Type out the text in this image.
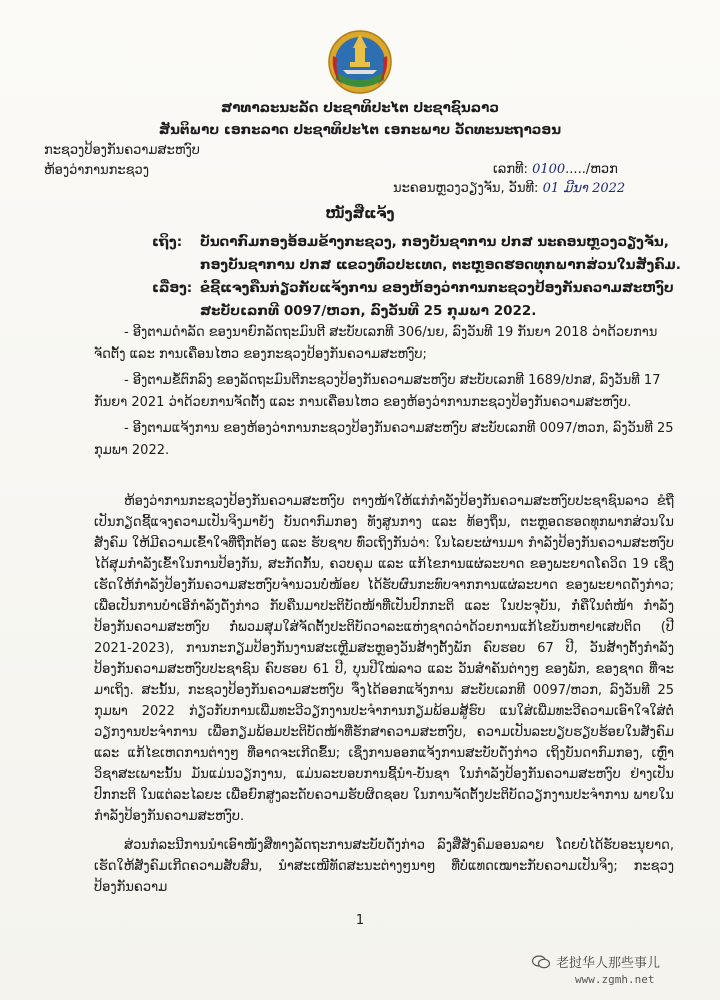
ສາທາລະນະລັດ ປະຊາທິປະໄຕ ປະຊາຊົນລາວ
ສັນຕິພາບ ເອກະລາດ ປະຊາທິປະໄຕ ເອກະພາບ ວັດທະນະຖາວອນ
ກະຊວງປ້ອງກັນຄວາມສະຫງົບ
ຫ້ອງວ່າການກະຊວງ	ເລກທີ: 0100...../ຫວກ
ນະຄອນຫຼວງວຽງຈັນ, ວັນທີ: 01 ມີນາ 2022
ໜັງສືແຈ້ງ
ເຖິງ:	ບັນດາກົມກອງອ້ອມຂ້າງກະຊວງ, ກອງບັນຊາການ ປກສ ນະຄອນຫຼວງວຽງຈັນ,
ກອງບັນຊາການ ປກສ ແຂວງທົ່ວປະເທດ, ຕະຫຼອດຮອດທຸກພາກສ່ວນໃນສັງຄົມ.
ເລື່ອງ: ຂໍຊີ້ແຈງຄືນກ່ຽວກັບແຈ້ງການ ຂອງຫ້ອງວ່າການກະຊວງປ້ອງກັນຄວາມສະຫງົບ
ສະບັບເລກທີ 0097/ຫວກ, ລົງວັນທີ 25 ກຸມພາ 2022.

- ອີງຕາມດຳລັດ ຂອງນາຍົກລັດຖະມົນຕີ ສະບັບເລກທີ 306/ນຍ, ລົງວັນທີ 19 ກັນຍາ 2018 ວ່າດ້ວຍການຈັດຕັ້ງ ແລະ ການເຄື່ອນໄຫວ ຂອງກະຊວງປ້ອງກັນຄວາມສະຫງົບ;

- ອີງຕາມຂໍ້ຕົກລົງ ຂອງລັດຖະມົນຕີກະຊວງປ້ອງກັນຄວາມສະຫງົບ ສະບັບເລກທີ 1689/ປກສ, ລົງວັນທີ 17 ກັນຍາ 2021 ວ່າດ້ວຍການຈັດຕັ້ງ ແລະ ການເຄື່ອນໄຫວ ຂອງຫ້ອງວ່າການກະຊວງປ້ອງກັນຄວາມສະຫງົບ.

- ອີງຕາມແຈ້ງການ ຂອງຫ້ອງວ່າການກະຊວງປ້ອງກັນຄວາມສະຫງົບ ສະບັບເລກທີ 0097/ຫວກ, ລົງວັນທີ 25 ກຸມພາ 2022.

ຫ້ອງວ່າການກະຊວງປ້ອງກັນຄວາມສະຫງົບ ຕາງໜ້າໃຫ້ແກ່ກຳລັງປ້ອງກັນຄວາມສະຫງົບປະຊາຊົນລາວ ຂໍຖືເປັນກຽດຊີ້ແຈງຄວາມເປັນຈິງມາຍັງ ບັນດາກົມກອງ ທັງສູນກາງ ແລະ ທ້ອງຖິ່ນ, ຕະຫຼອດຮອດທຸກພາກສ່ວນໃນສັງຄົມ ໃຫ້ມີຄວາມເຂົ້າໃຈທີ່ຖືກຕ້ອງ ແລະ ຮັບຊາບ ທົ່ວເຖິງກັນວ່າ: ໃນໄລຍະຜ່ານມາ ກຳລັງປ້ອງກັນຄວາມສະຫງົບ ໄດ້ສຸມກຳລັງເຂົ້າໃນການປ້ອງກັນ, ສະກັດກັ້ນ, ຄວບຄຸມ ແລະ ແກ້ໄຂການແຜ່ລະບາດ ຂອງພະຍາດໂຄວິດ 19 ເຊິ່ງເຮັດໃຫ້ກຳລັງປ້ອງກັນຄວາມສະຫງົບຈຳນວນບໍ່ໜ້ອຍ ໄດ້ຮັບຜົນກະທົບຈາກການແຜ່ລະບາດ ຂອງພະຍາດດັ່ງກ່າວ; ເພື່ອເປັນການບຳເອີກຳລັງດັ່ງກ່າວ ກັບຄືນມາປະຕິບັດໜ້າທີ່ເປັນປົກກະຕິ ແລະ ໃນປະຈຸບັນ, ກໍ່ຄືໃນຕໍ່ໜ້າ ກຳລັງປ້ອງກັນຄວາມສະຫງົບ ກໍ່ພວມສຸມໃສ່ຈັດຕັ້ງປະຕິບັດວາລະແຫ່ງຊາດວ່າດ້ວຍການແກ້ໄຂບັນຫາຢາເສບຕິດ (ປີ 2021-2023), ການກະກຽມປ້ອງກັນງານສະເຫຼີມສະຫຼອງວັນສ້າງຕັ້ງພັກ ຄົບຮອບ 67 ປີ, ວັນສ້າງຕັ້ງກຳລັງປ້ອງກັນຄວາມສະຫງົບປະຊາຊົນ ຄົບຮອບ 61 ປີ, ບຸນປີໃໝ່ລາວ ແລະ ວັນສຳຄັນຕ່າງໆ ຂອງພັກ, ຂອງຊາດ ທີ່ຈະມາເຖິງ. ສະນັ້ນ, ກະຊວງປ້ອງກັນຄວາມສະຫງົບ ຈຶ່ງໄດ້ອອກແຈ້ງການ ສະບັບເລກທີ 0097/ຫວກ, ລົງວັນທີ 25 ກຸມພາ 2022 ກ່ຽວກັບການເພີ່ມທະວີວຽກງານປະຈຳການກຽມພ້ອມສູ້ຮົບ ແນໃສ່ເພີ່ມທະວີຄວາມເອົາໃຈໃສ່ຕໍ່ວຽກງານປະຈຳການ ເພື່ອກຽມພ້ອມປະຕິບັດໜ້າທີ່ຮັກສາຄວາມສະຫງົບ, ຄວາມເປັນລະບຽບຮຽບຮ້ອຍໃນສັງຄົມ ແລະ ແກ້ໄຂເຫດການຕ່າງໆ ທີ່ອາດຈະເກີດຂຶ້ນ; ເຊິ່ງການອອກແຈ້ງການສະບັບດັ່ງກ່າວ ເຖິງບັນດາກົມກອງ, ເຫຼົ່າວິຊາສະເພາະນັ້ນ ມັນແມ່ນວຽກງານ, ແມ່ນລະບອບການຊີ້ນຳ-ບັນຊາ ໃນກຳລັງປ້ອງກັນຄວາມສະຫງົບ ຢ່າງເປັນປົກກະຕິ ໃນແຕ່ລະໄລຍະ ເພື່ອຍົກສູງລະດັບຄວາມຮັບຜິດຊອບ ໃນການຈັດຕັ້ງປະຕິບັດວຽກງານປະຈຳການ ພາຍໃນກຳລັງປ້ອງກັນຄວາມສະຫງົບ.

ສ່ວນກໍລະນີການນຳເອົາໜັງສືທາງລັດຖະການສະບັບດັ່ງກ່າວ ລົງສື່ສັງຄົມອອນລາຍ ໂດຍບໍ່ໄດ້ຮັບອະນຸຍາດ, ເຮັດໃຫ້ສັງຄົມເກີດຄວາມສັບສົນ, ນຳສະເໜີທັດສະນະຕ່າງໆນາໆ ທີ່ບໍ່ແທດເໝາະກັບຄວາມເປັນຈິງ; ກະຊວງປ້ອງກັນຄວາມ

1
老挝华人那些事儿
www.zgmh.net
